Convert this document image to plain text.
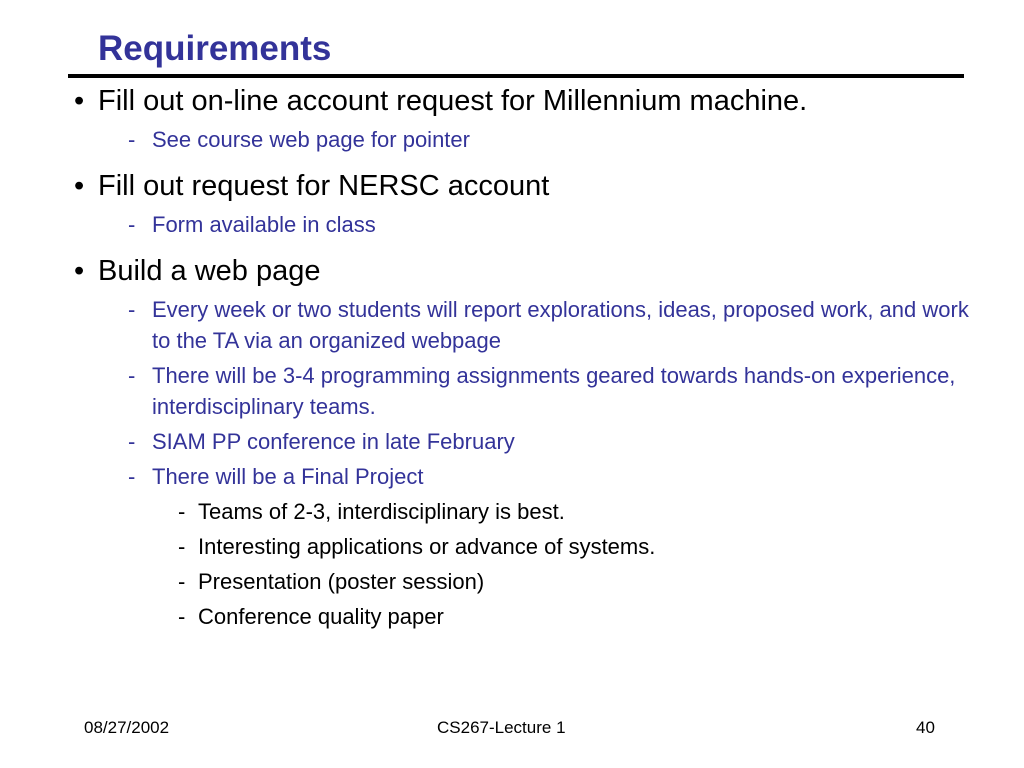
Requirements
• Fill out on-line account request for Millennium machine.
- See course web page for pointer
• Fill out request for NERSC account
- Form available in class
• Build a web page
- Every week or two students will report explorations, ideas, proposed work, and work to the TA via an organized webpage
- There will be 3-4 programming assignments geared towards hands-on experience, interdisciplinary teams.
- SIAM PP conference in late February
- There will be a Final Project
- Teams of 2-3, interdisciplinary is best.
- Interesting applications or advance of systems.
- Presentation (poster session)
- Conference quality paper
08/27/2002	CS267-Lecture 1	40
